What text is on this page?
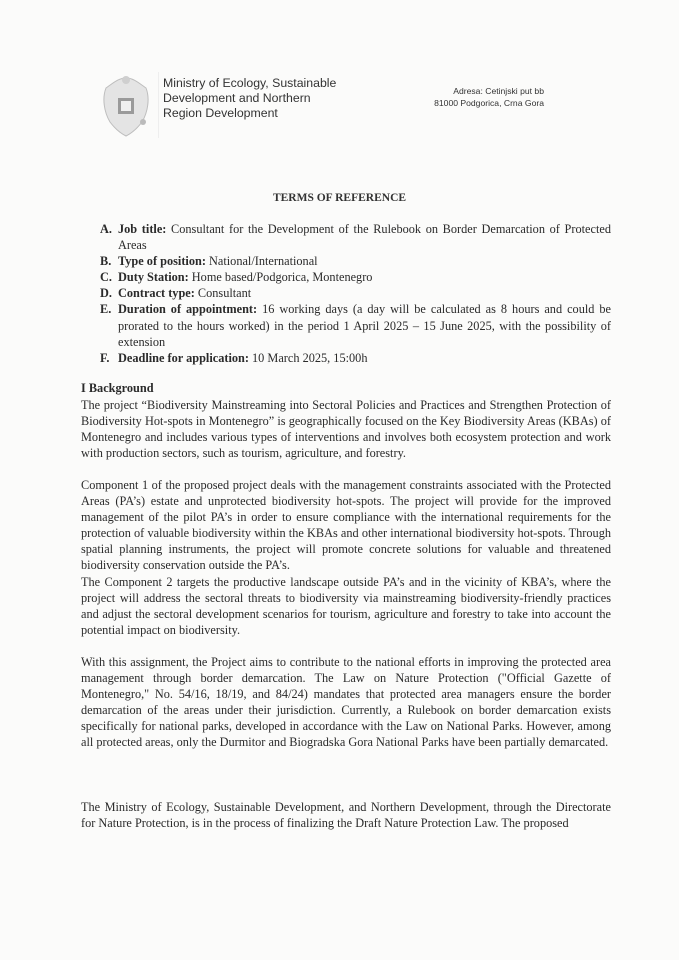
Ministry of Ecology, Sustainable
Development and Northern
Region Development
Adresa: Cetinjski put bb
81000 Podgorica, Crna Gora
TERMS OF REFERENCE
A. Job title: Consultant for the Development of the Rulebook on Border Demarcation of Protected Areas
B. Type of position: National/International
C. Duty Station: Home based/Podgorica, Montenegro
D. Contract type: Consultant
E. Duration of appointment: 16 working days (a day will be calculated as 8 hours and could be prorated to the hours worked) in the period 1 April 2025 – 15 June 2025, with the possibility of extension
F. Deadline for application: 10 March 2025, 15:00h
I Background

The project “Biodiversity Mainstreaming into Sectoral Policies and Practices and Strengthen Protection of Biodiversity Hot-spots in Montenegro” is geographically focused on the Key Biodiversity Areas (KBAs) of Montenegro and includes various types of interventions and involves both ecosystem protection and work with production sectors, such as tourism, agriculture, and forestry.

Component 1 of the proposed project deals with the management constraints associated with the Protected Areas (PA’s) estate and unprotected biodiversity hot-spots. The project will provide for the improved management of the pilot PA’s in order to ensure compliance with the international requirements for the protection of valuable biodiversity within the KBAs and other international biodiversity hot-spots. Through spatial planning instruments, the project will promote concrete solutions for valuable and threatened biodiversity conservation outside the PA’s.

The Component 2 targets the productive landscape outside PA’s and in the vicinity of KBA’s, where the project will address the sectoral threats to biodiversity via mainstreaming biodiversity-friendly practices and adjust the sectoral development scenarios for tourism, agriculture and forestry to take into account the potential impact on biodiversity.

With this assignment, the Project aims to contribute to the national efforts in improving the protected area management through border demarcation. The Law on Nature Protection ("Official Gazette of Montenegro," No. 54/16, 18/19, and 84/24) mandates that protected area managers ensure the border demarcation of the areas under their jurisdiction. Currently, a Rulebook on border demarcation exists specifically for national parks, developed in accordance with the Law on National Parks. However, among all protected areas, only the Durmitor and Biogradska Gora National Parks have been partially demarcated.

The Ministry of Ecology, Sustainable Development, and Northern Development, through the Directorate for Nature Protection, is in the process of finalizing the Draft Nature Protection Law. The proposed
